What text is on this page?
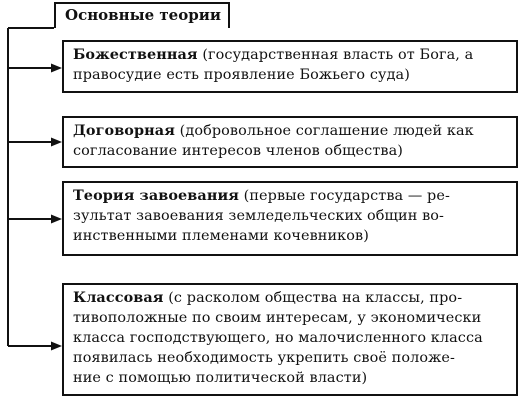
Основные теории
Божественная (государственная власть от Бога, а
правосудие есть проявление Божьего суда)
Договорная (добровольное соглашение людей как
согласование интересов членов общества)
Теория завоевания (первые государства — ре-
зультат завоевания земледельческих общин во-
инственными племенами кочевников)
Классовая (с расколом общества на классы, про-
тивоположные по своим интересам, у экономически
класса господствующего, но малочисленного класса
появилась необходимость укрепить своё положе-
ние с помощью политической власти)
